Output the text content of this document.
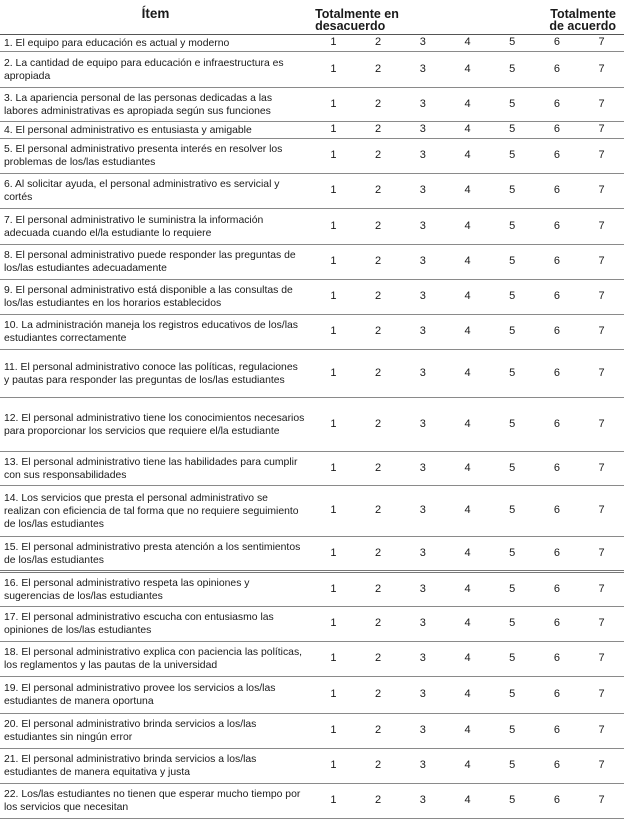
Ítem	Totalmente en desacuerdo					Totalmente de acuerdo	
1. El equipo para educación es actual y moderno	1	2	3	4	5	6	7
2. La cantidad de equipo para educación e infraestructura es apropiada	1	2	3	4	5	6	7
3. La apariencia personal de las personas dedicadas a las labores administrativas es apropiada según sus funciones	1	2	3	4	5	6	7
4. El personal administrativo es entusiasta y amigable	1	2	3	4	5	6	7
5. El personal administrativo presenta interés en resolver los problemas de los/las estudiantes	1	2	3	4	5	6	7
6. Al solicitar ayuda, el personal administrativo es servicial y cortés	1	2	3	4	5	6	7
7. El personal administrativo le suministra la información adecuada cuando el/la estudiante lo requiere	1	2	3	4	5	6	7
8. El personal administrativo puede responder las preguntas de los/las estudiantes adecuadamente	1	2	3	4	5	6	7
9. El personal administrativo está disponible a las consultas de los/las estudiantes en los horarios establecidos	1	2	3	4	5	6	7
10. La administración maneja los registros educativos de los/las estudiantes correctamente	1	2	3	4	5	6	7
11. El personal administrativo conoce las políticas, regulaciones y pautas para responder las preguntas de los/las estudiantes	1	2	3	4	5	6	7
12. El personal administrativo tiene los conocimientos necesarios para proporcionar los servicios que requiere el/la estudiante	1	2	3	4	5	6	7
13. El personal administrativo tiene las habilidades para cumplir con sus responsabilidades	1	2	3	4	5	6	7
14. Los servicios que presta el personal administrativo se realizan con eficiencia de tal forma que no requiere seguimiento de los/las estudiantes	1	2	3	4	5	6	7
15. El personal administrativo presta atención a los sentimientos de los/las estudiantes	1	2	3	4	5	6	7
16. El personal administrativo respeta las opiniones y sugerencias de los/las estudiantes	1	2	3	4	5	6	7
17. El personal administrativo escucha con entusiasmo las opiniones de los/las estudiantes	1	2	3	4	5	6	7
18. El personal administrativo explica con paciencia las políticas, los reglamentos y las pautas de la universidad	1	2	3	4	5	6	7
19. El personal administrativo provee los servicios a los/las estudiantes de manera oportuna	1	2	3	4	5	6	7
20. El personal administrativo brinda servicios a los/las estudiantes sin ningún error	1	2	3	4	5	6	7
21. El personal administrativo brinda servicios a los/las estudiantes de manera equitativa y justa	1	2	3	4	5	6	7
22. Los/las estudiantes no tienen que esperar mucho tiempo por los servicios que necesitan	1	2	3	4	5	6	7
